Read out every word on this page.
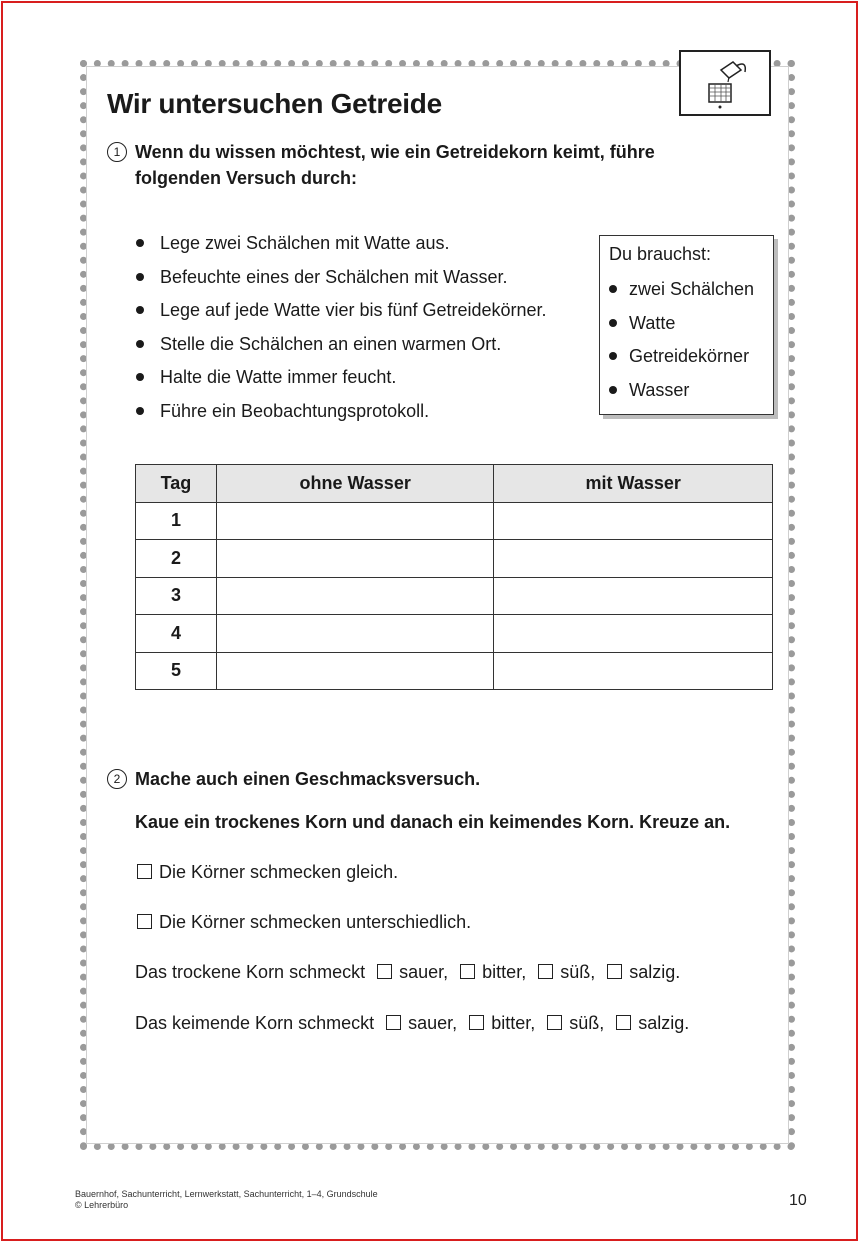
Wir untersuchen Getreide
1 Wenn du wissen möchtest, wie ein Getreidekorn keimt, führe
folgenden Versuch durch:
Lege zwei Schälchen mit Watte aus.
Befeuchte eines der Schälchen mit Wasser.
Lege auf jede Watte vier bis fünf Getreidekörner.
Stelle die Schälchen an einen warmen Ort.
Halte die Watte immer feucht.
Führe ein Beobachtungsprotokoll.
Du brauchst:
zwei Schälchen
Watte
Getreidekörner
Wasser
Tag	ohne Wasser	mit Wasser
1		
2		
3		
4		
5		
2 Mache auch einen Geschmacksversuch.
Kaue ein trockenes Korn und danach ein keimendes Korn. Kreuze an.
Die Körner schmecken gleich.
Die Körner schmecken unterschiedlich.
Das trockene Korn schmeckt sauer, bitter, süß, salzig.
Das keimende Korn schmeckt sauer, bitter, süß, salzig.
Bauernhof, Sachunterricht, Lernwerkstatt, Sachunterricht, 1–4, Grundschule
© Lehrerbüro	10
